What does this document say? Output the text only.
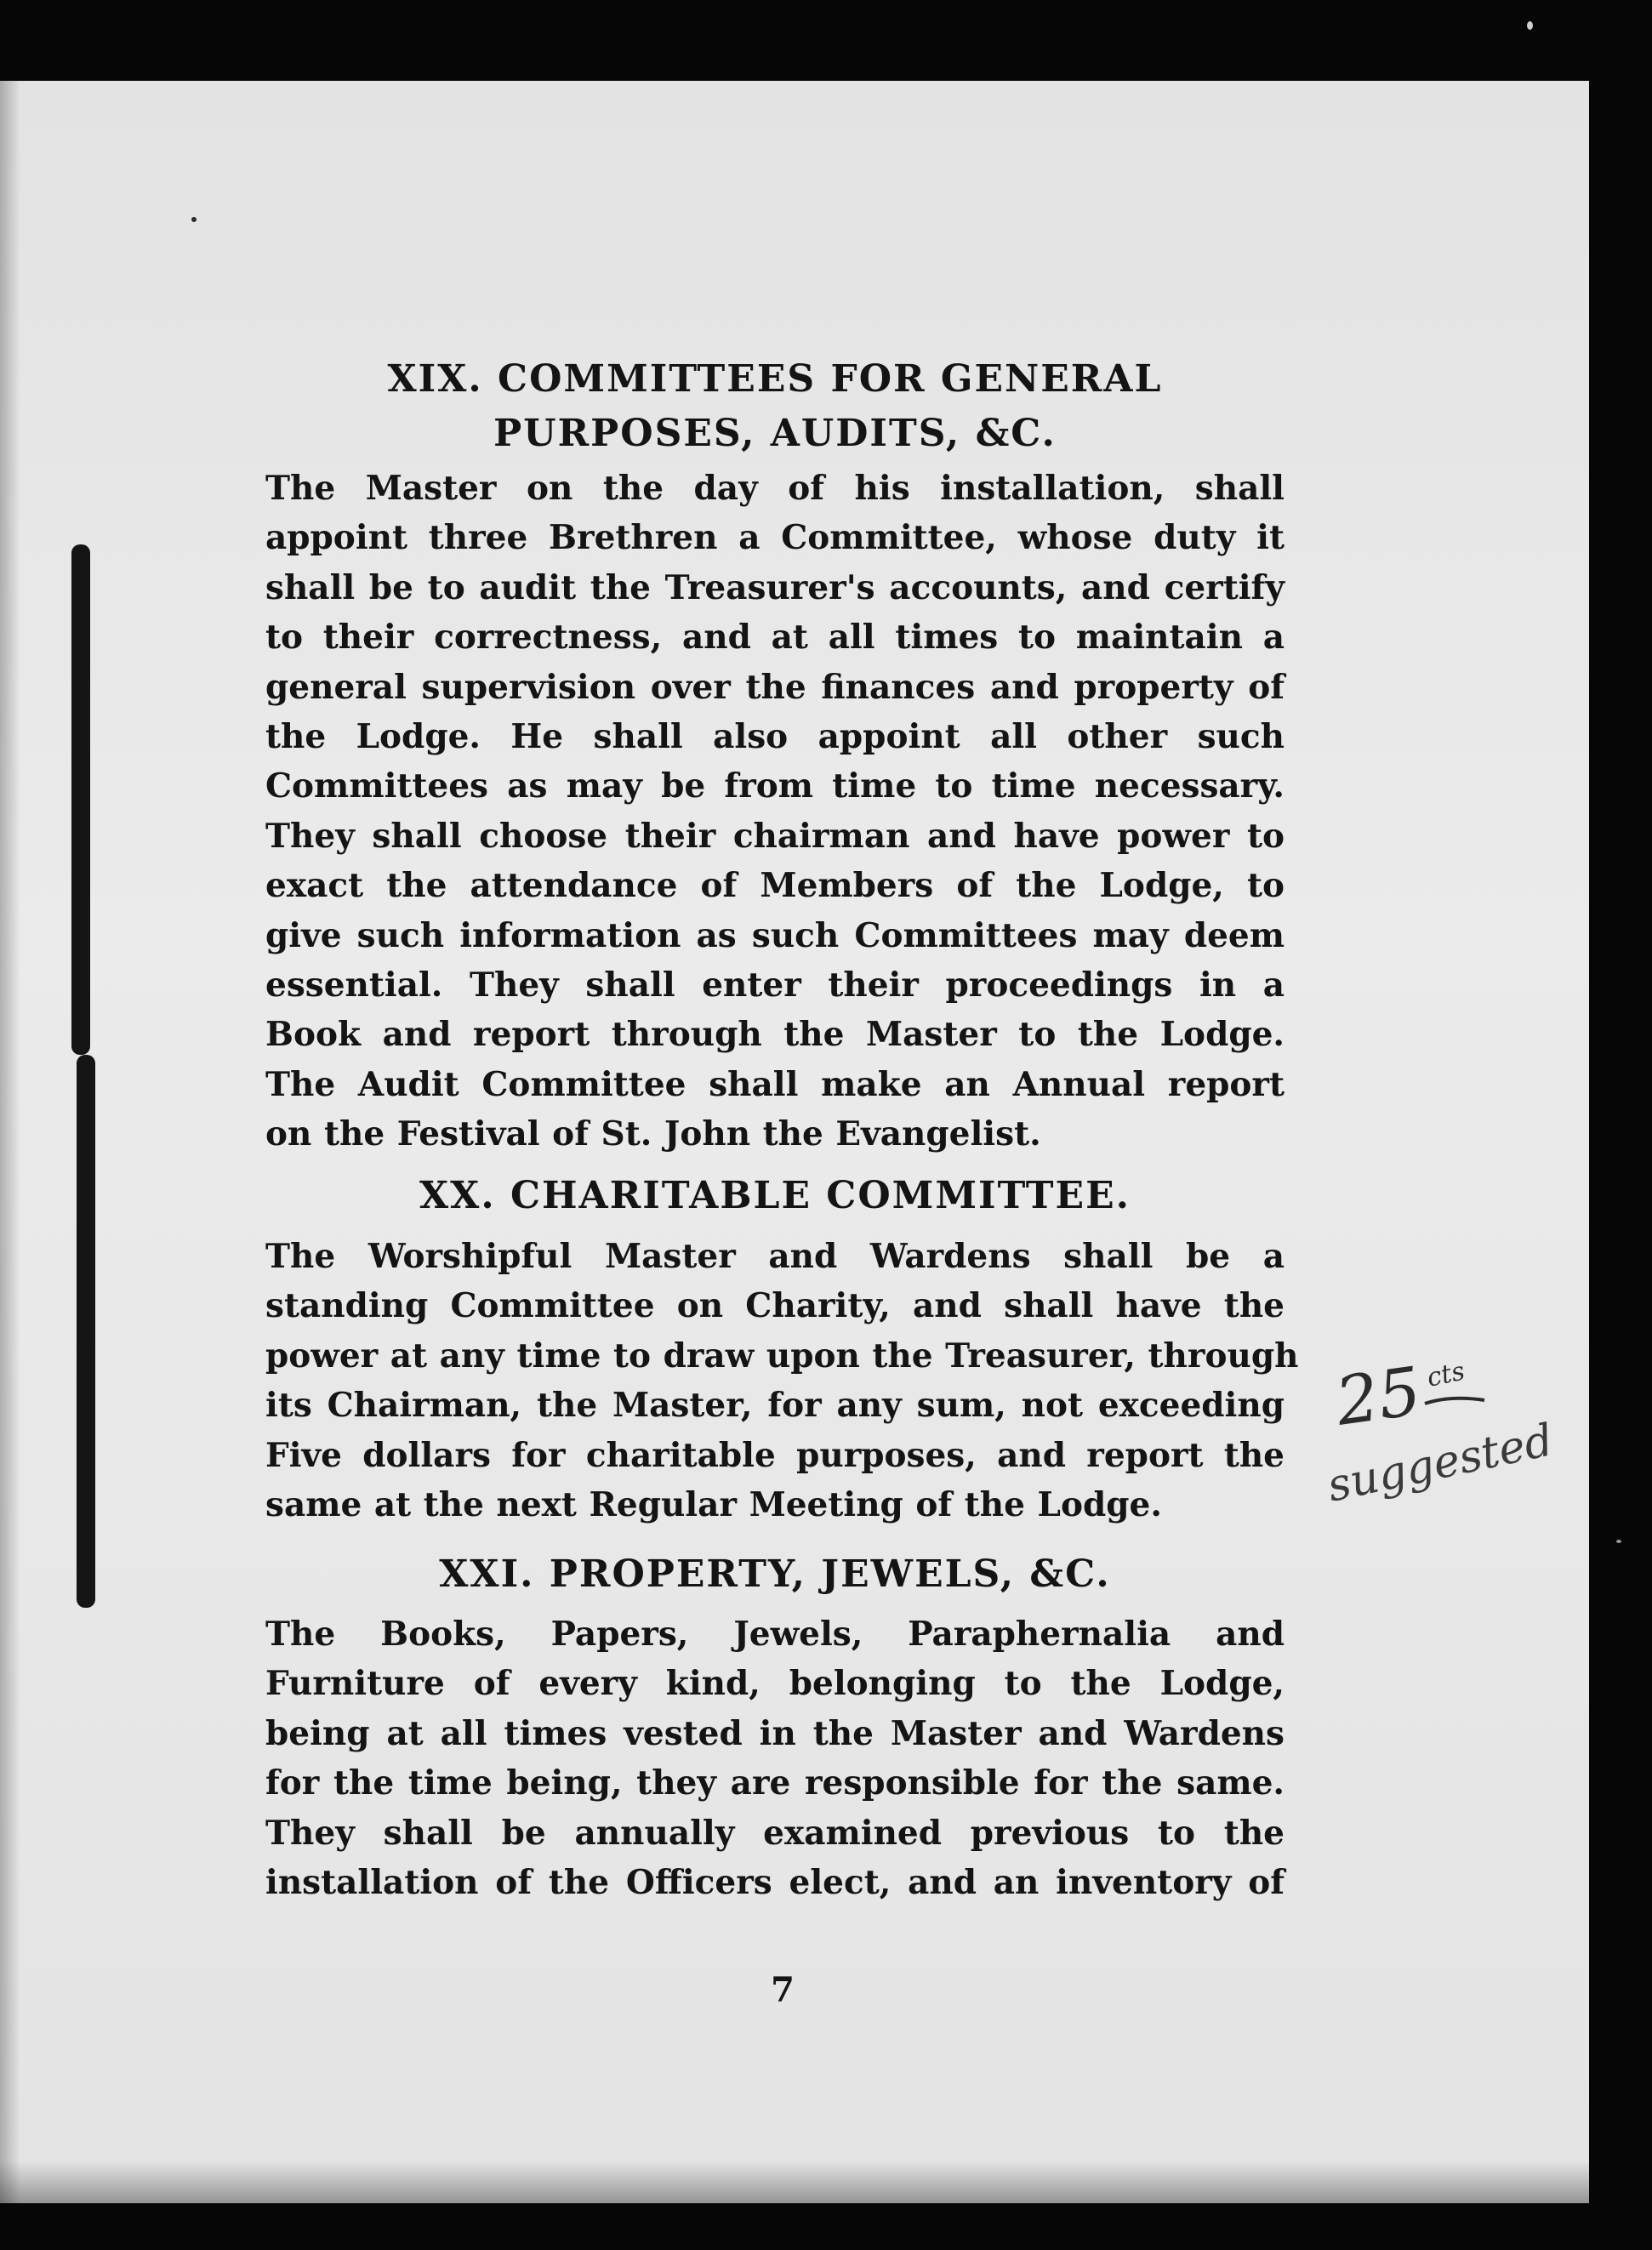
XIX. COMMITTEES FOR GENERAL
PURPOSES, AUDITS, &C.
The Master on the day of his installation, shall
appoint three Brethren a Committee, whose duty it
shall be to audit the Treasurer's accounts, and certify
to their correctness, and at all times to maintain a
general supervision over the finances and property of
the Lodge. He shall also appoint all other such
Committees as may be from time to time necessary.
They shall choose their chairman and have power to
exact the attendance of Members of the Lodge, to
give such information as such Committees may deem
essential. They shall enter their proceedings in a
Book and report through the Master to the Lodge.
The Audit Committee shall make an Annual report
on the Festival of St. John the Evangelist.
XX. CHARITABLE COMMITTEE.
The Worshipful Master and Wardens shall be a
standing Committee on Charity, and shall have the
power at any time to draw upon the Treasurer, through
its Chairman, the Master, for any sum, not exceeding
Five dollars for charitable purposes, and report the
same at the next Regular Meeting of the Lodge.
XXI. PROPERTY, JEWELS, &C.
The Books, Papers, Jewels, Paraphernalia and
Furniture of every kind, belonging to the Lodge,
being at all times vested in the Master and Wardens
for the time being, they are responsible for the same.
They shall be annually examined previous to the
installation of the Officers elect, and an inventory of
7
25
cts
suggested
